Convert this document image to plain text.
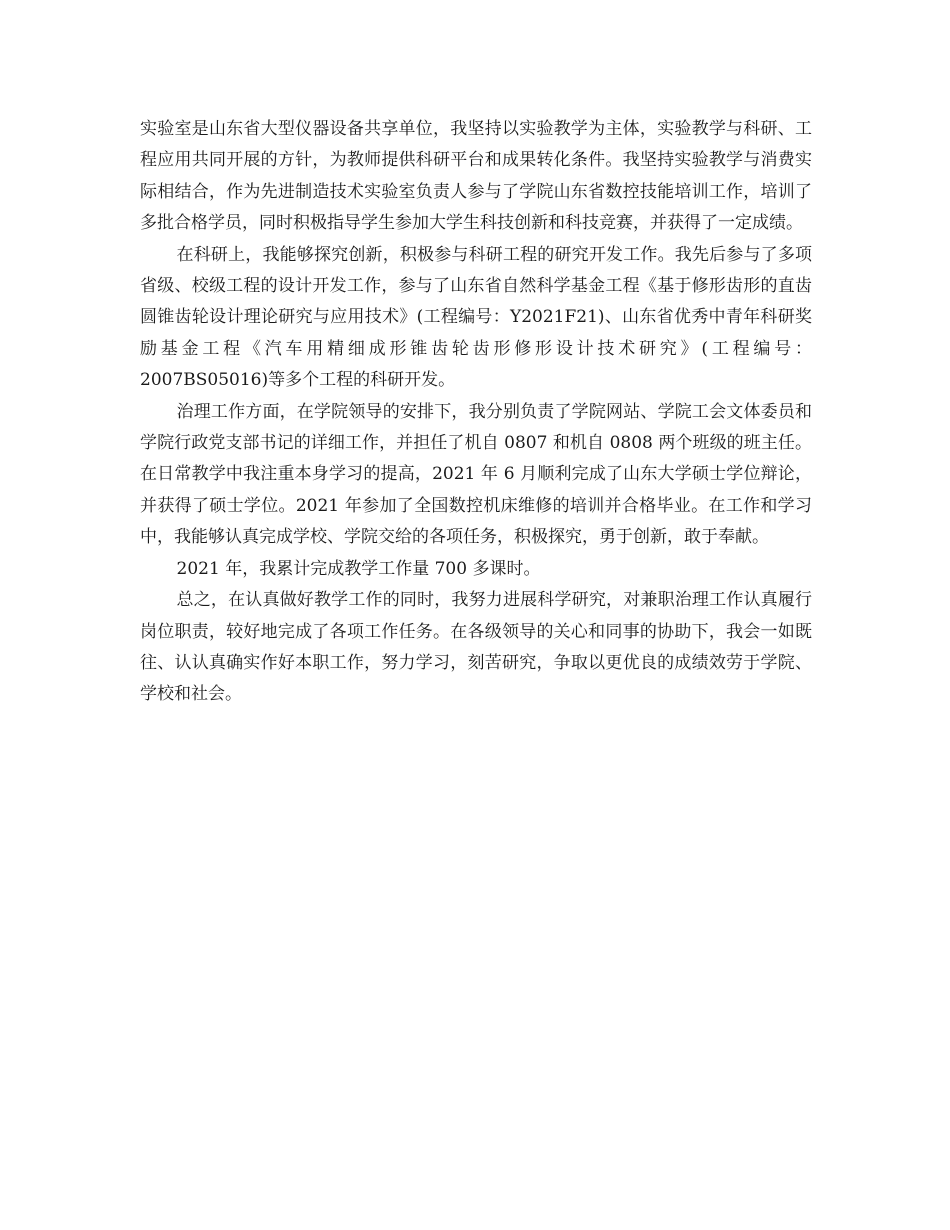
实验室是山东省大型仪器设备共享单位，我坚持以实验教学为主体，实验教学与科研、工程应用共同开展的方针，为教师提供科研平台和成果转化条件。我坚持实验教学与消费实际相结合，作为先进制造技术实验室负责人参与了学院山东省数控技能培训工作，培训了多批合格学员，同时积极指导学生参加大学生科技创新和科技竞赛，并获得了一定成绩。

在科研上，我能够探究创新，积极参与科研工程的研究开发工作。我先后参与了多项省级、校级工程的设计开发工作，参与了山东省自然科学基金工程《基于修形齿形的直齿圆锥齿轮设计理论研究与应用技术》(工程编号：Y2021F21)、山东省优秀中青年科研奖励基金工程《汽车用精细成形锥齿轮齿形修形设计技术研究》(工程编号：2007BS05016)等多个工程的科研开发。

治理工作方面，在学院领导的安排下，我分别负责了学院网站、学院工会文体委员和学院行政党支部书记的详细工作，并担任了机自 0807 和机自 0808 两个班级的班主任。在日常教学中我注重本身学习的提高，2021 年 6 月顺利完成了山东大学硕士学位辩论，并获得了硕士学位。2021 年参加了全国数控机床维修的培训并合格毕业。在工作和学习中，我能够认真完成学校、学院交给的各项任务，积极探究，勇于创新，敢于奉献。

2021 年，我累计完成教学工作量 700 多课时。

总之，在认真做好教学工作的同时，我努力进展科学研究，对兼职治理工作认真履行岗位职责，较好地完成了各项工作任务。在各级领导的关心和同事的协助下，我会一如既往、认认真确实作好本职工作，努力学习，刻苦研究，争取以更优良的成绩效劳于学院、学校和社会。
